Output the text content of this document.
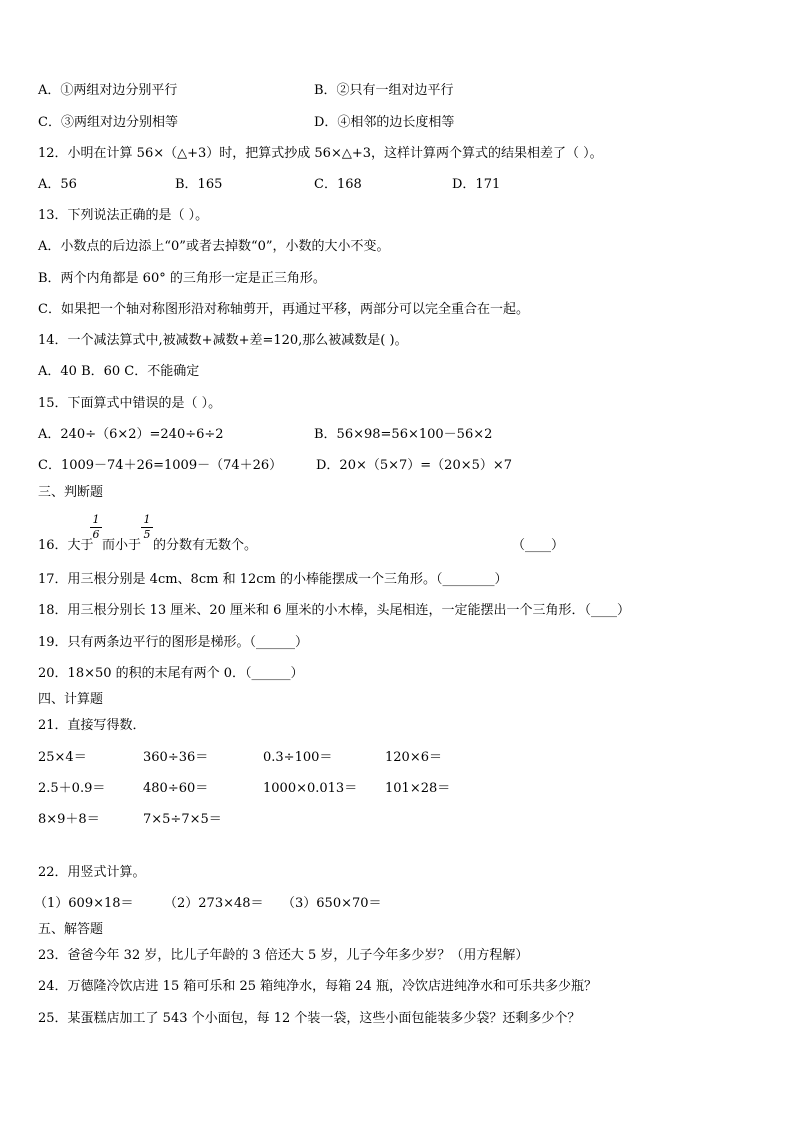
A．①两组对边分别平行	B．②只有一组对边平行
C．③两组对边分别相等	D．④相邻的边长度相等
12．小明在计算 56×（△+3）时，把算式抄成 56×△+3，这样计算两个算式的结果相差了（ ）。
A．56	B．165	C．168	D．171
13．下列说法正确的是（ ）。
A．小数点的后边添上“0”或者去掉数“0”，小数的大小不变。
B．两个内角都是 60° 的三角形一定是正三角形。
C．如果把一个轴对称图形沿对称轴剪开，再通过平移，两部分可以完全重合在一起。
14．一个减法算式中,被减数+减数+差=120,那么被减数是( )。
A．40 B．60 C．不能确定
15．下面算式中错误的是（ ）。
A．240÷（6×2）=240÷6÷2	B．56×98=56×100－56×2
C．1009－74＋26=1009－（74＋26）	D．20×（5×7）=（20×5）×7
三、判断题
16．大于
1
6
而小于
1
5
的分数有无数个。	（____）
17．用三根分别是 4cm、8cm 和 12cm 的小棒能摆成一个三角形。（________）
18．用三根分别长 13 厘米、20 厘米和 6 厘米的小木棒，头尾相连，一定能摆出一个三角形．（____）
19．只有两条边平行的图形是梯形。（______）
20．18×50 的积的末尾有两个 0．（______）
四、计算题
21．直接写得数．
25×4＝	360÷36＝	0.3÷100＝	120×6＝
2.5＋0.9＝	480÷60＝	1000×0.013＝ 101×28＝
8×9＋8＝	7×5÷7×5＝
22．用竖式计算。
（1）609×18＝ （2）273×48＝ （3）650×70＝
五、解答题
23．爸爸今年 32 岁，比儿子年龄的 3 倍还大 5 岁，儿子今年多少岁？（用方程解）
24．万德隆冷饮店进 15 箱可乐和 25 箱纯净水，每箱 24 瓶，冷饮店进纯净水和可乐共多少瓶？
25．某蛋糕店加工了 543 个小面包，每 12 个装一袋，这些小面包能装多少袋？还剩多少个？
